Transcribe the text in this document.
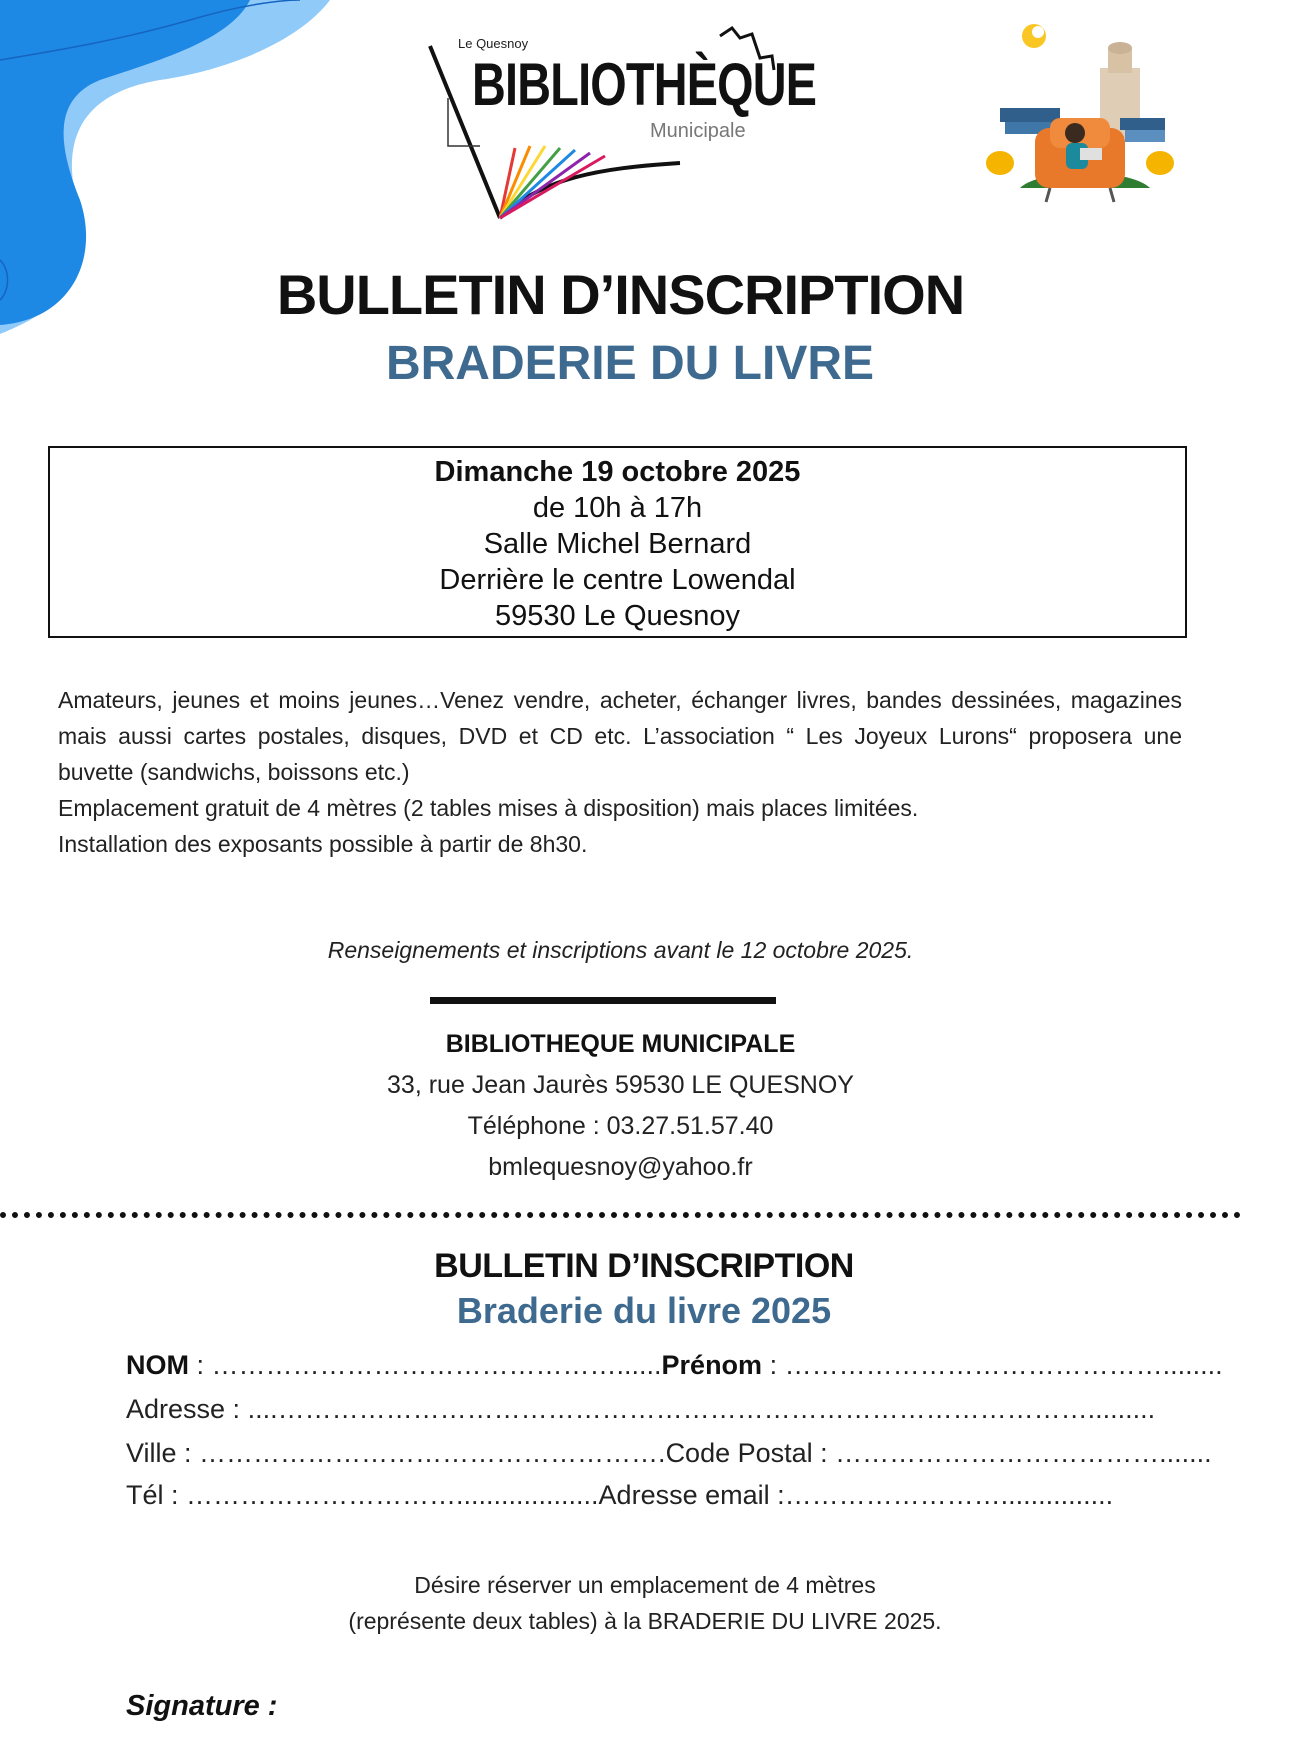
Le Quesnoy
BIBLIOTHÈQUE
Municipale
BULLETIN D’INSCRIPTION
BRADERIE DU LIVRE
Dimanche 19 octobre 2025
de 10h à 17h
Salle Michel Bernard
Derrière le centre Lowendal
59530 Le Quesnoy
Amateurs, jeunes et moins jeunes…Venez vendre, acheter, échanger livres, bandes dessinées, magazines mais aussi cartes postales, disques, DVD et CD etc. L’association “ Les Joyeux Lurons“ proposera une buvette (sandwichs, boissons etc.)
Emplacement gratuit de 4 mètres (2 tables mises à disposition) mais places limitées.
Installation des exposants possible à partir de 8h30.
Renseignements et inscriptions avant le 12 octobre 2025.
BIBLIOTHEQUE MUNICIPALE
33, rue Jean Jaurès 59530 LE QUESNOY
Téléphone : 03.27.51.57.40
bmlequesnoy@yahoo.fr
BULLETIN D’INSCRIPTION
Braderie du livre 2025
NOM : ………………………………………......Prénom : ……………………………………........
Adresse : ....……………………………………………………………………………….........
Ville : …………………………………………….Code Postal : ……………………………….......
Tél : …………………………...................Adresse email :……………………...............
Désire réserver un emplacement de 4 mètres
(représente deux tables) à la BRADERIE DU LIVRE 2025.
Signature :
